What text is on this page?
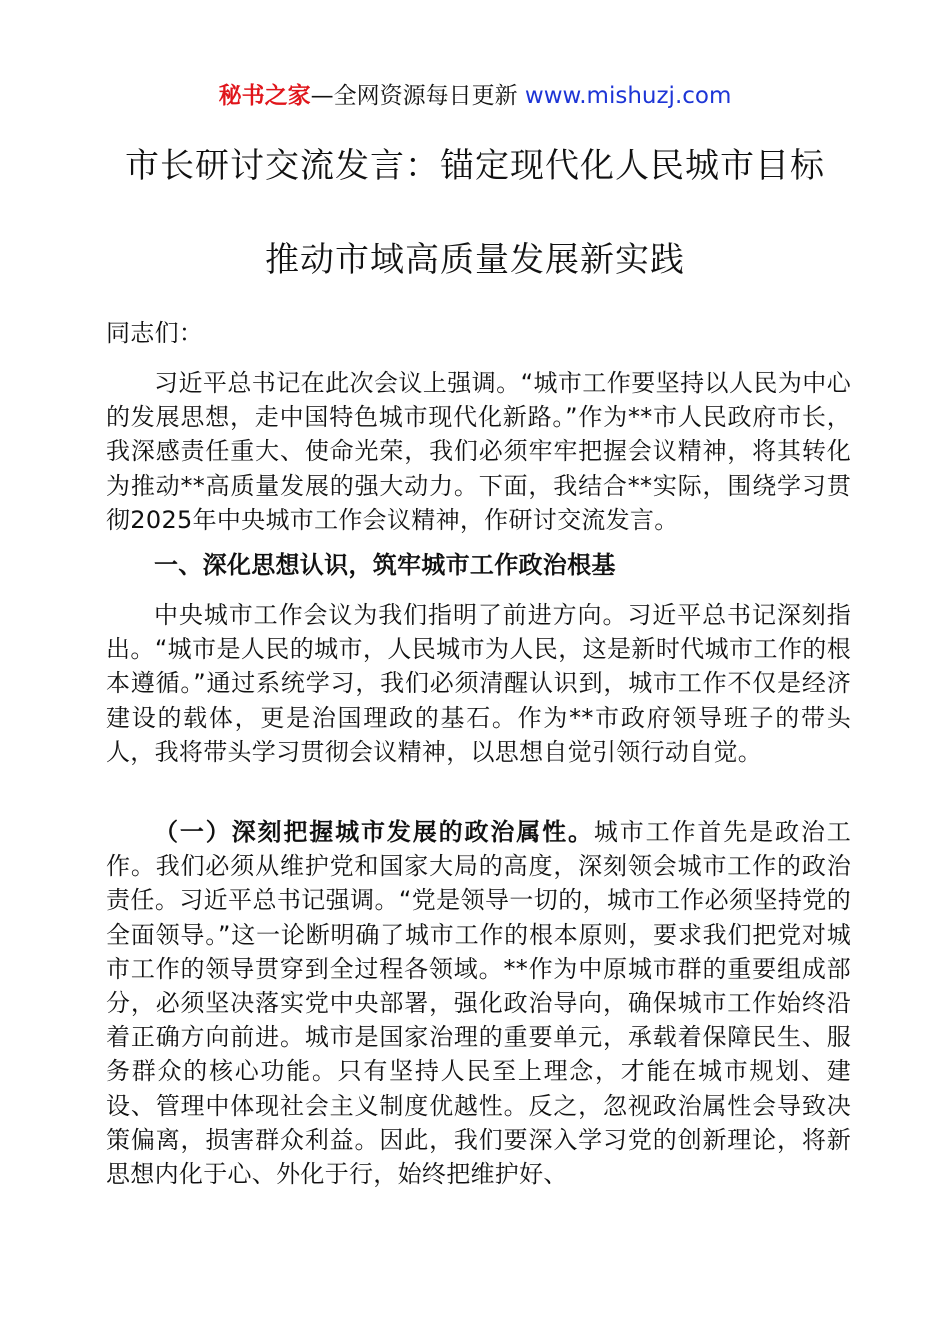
秘书之家—全网资源每日更新 www.mishuzj.com
市长研讨交流发言：锚定现代化人民城市目标
推动市域高质量发展新实践

同志们：

习近平总书记在此次会议上强调。“城市工作要坚持以人民为中心的发展思想，走中国特色城市现代化新路。”作为**市人民政府市长，我深感责任重大、使命光荣，我们必须牢牢把握会议精神，将其转化为推动**高质量发展的强大动力。下面，我结合**实际，围绕学习贯彻2025年中央城市工作会议精神，作研讨交流发言。

一、深化思想认识，筑牢城市工作政治根基

中央城市工作会议为我们指明了前进方向。习近平总书记深刻指出。“城市是人民的城市，人民城市为人民，这是新时代城市工作的根本遵循。”通过系统学习，我们必须清醒认识到，城市工作不仅是经济建设的载体，更是治国理政的基石。作为**市政府领导班子的带头人，我将带头学习贯彻会议精神，以思想自觉引领行动自觉。

（一）深刻把握城市发展的政治属性。城市工作首先是政治工作。我们必须从维护党和国家大局的高度，深刻领会城市工作的政治责任。习近平总书记强调。“党是领导一切的，城市工作必须坚持党的全面领导。”这一论断明确了城市工作的根本原则，要求我们把党对城市工作的领导贯穿到全过程各领域。**作为中原城市群的重要组成部分，必须坚决落实党中央部署，强化政治导向，确保城市工作始终沿着正确方向前进。城市是国家治理的重要单元，承载着保障民生、服务群众的核心功能。只有坚持人民至上理念，才能在城市规划、建设、管理中体现社会主义制度优越性。反之，忽视政治属性会导致决策偏离，损害群众利益。因此，我们要深入学习党的创新理论，将新思想内化于心、外化于行，始终把维护好、
